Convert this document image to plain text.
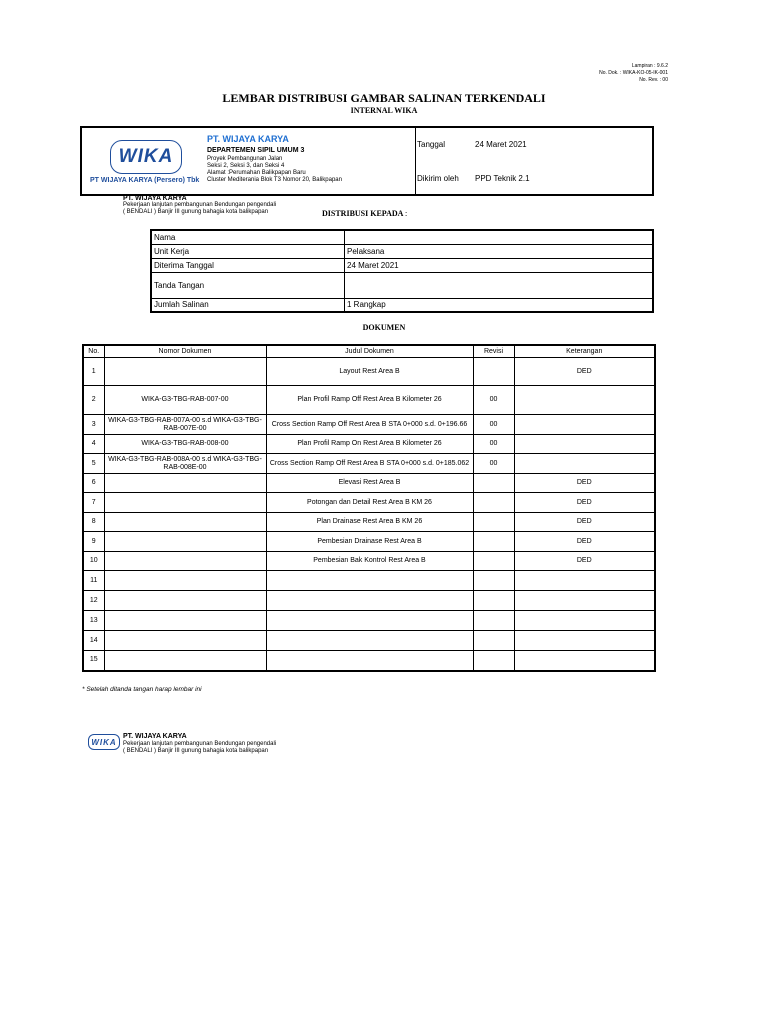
Lampiran : 9.6.2
No. Dok. : WIKA-KO-05-IK-001
No. Rev. : 00
LEMBAR DISTRIBUSI GAMBAR SALINAN TERKENDALI
INTERNAL WIKA
WIKA
PT WIJAYA KARYA (Persero) Tbk
PT. WIJAYA KARYA
DEPARTEMEN SIPIL UMUM 3
Proyek Pembangunan Jalan
Seksi 2, Seksi 3, dan Seksi 4
Alamat :Perumahan Balikpapan Baru
Cluster Mediterania Blok T3 Nomor 20, Balikpapan
Tanggal	24 Maret 2021
Dikirim oleh PPD Teknik 2.1
PT. WIJAYA KARYA
Pekerjaan lanjutan pembangunan Bendungan pengendali
( BENDALI ) Banjir III gunung bahagia kota balikpapan	DISTRIBUSI KEPADA :
Nama	
Unit Kerja	Pelaksana
Diterima Tanggal	24 Maret 2021
Tanda Tangan	
Jumlah Salinan	1 Rangkap
DOKUMEN
No.	Nomor Dokumen	Judul Dokumen	Revisi	Keterangan
1		Layout Rest Area B		DED
2	WIKA-G3-TBG-RAB-007-00	Plan Profil Ramp Off Rest Area B Kilometer 26	00	
3	WIKA-G3-TBG-RAB-007A-00 s.d WIKA-G3-TBG-RAB-007E-00	Cross Section Ramp Off Rest Area B STA 0+000 s.d. 0+196.66	00	
4	WIKA-G3-TBG-RAB-008-00	Plan Profil Ramp On Rest Area B Kilometer 26	00	
5	WIKA-G3-TBG-RAB-008A-00 s.d WIKA-G3-TBG-RAB-008E-00	Cross Section Ramp Off Rest Area B STA 0+000 s.d. 0+185.062	00	
6		Elevasi Rest Area B		DED
7		Potongan dan Detail Rest Area B KM 26		DED
8		Plan Drainase Rest Area B KM 26		DED
9		Pembesian Drainase Rest Area B		DED
10		Pembesian Bak Kontrol Rest Area B		DED
11				
12				
13				
14				
15				
* Setelah ditanda tangan harap lembar ini
WIKA
PT. WIJAYA KARYA
Pekerjaan lanjutan pembangunan Bendungan pengendali
( BENDALI ) Banjir III gunung bahagia kota balikpapan
